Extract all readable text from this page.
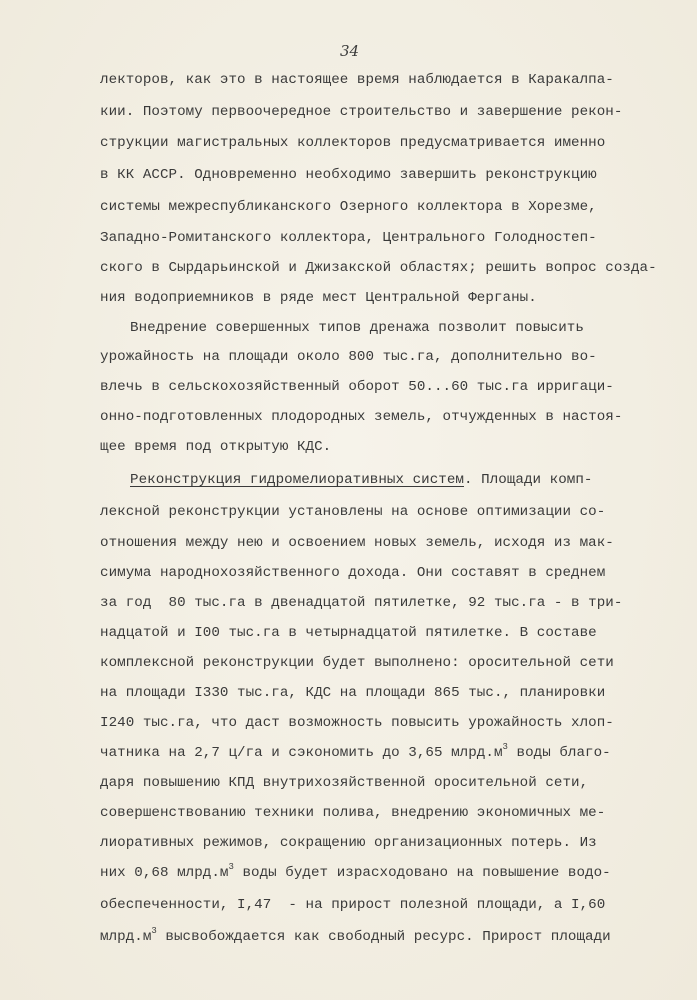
34
лекторов, как это в настоящее время наблюдается в Каракалпа-
кии. Поэтому первоочередное строительство и завершение рекон-
струкции магистральных коллекторов предусматривается именно
в КК АССР. Одновременно необходимо завершить реконструкцию
системы межреспубликанского Озерного коллектора в Хорезме,
Западно-Ромитанского коллектора, Центрального Голодностеп-
ского в Сырдарьинской и Джизакской областях; решить вопрос созда-
ния водоприемников в ряде мест Центральной Ферганы.
Внедрение совершенных типов дренажа позволит повысить
урожайность на площади около 800 тыс.га, дополнительно во-
влечь в сельскохозяйственный оборот 50...60 тыс.га ирригаци-
онно-подготовленных плодородных земель, отчужденных в настоя-
щее время под открытую КДС.
Реконструкция гидромелиоративных систем. Площади комп-
лексной реконструкции установлены на основе оптимизации со-
отношения между нею и освоением новых земель, исходя из мак-
симума народнохозяйственного дохода. Они составят в среднем
за год  80 тыс.га в двенадцатой пятилетке, 92 тыс.га - в три-
надцатой и I00 тыс.га в четырнадцатой пятилетке. В составе
комплексной реконструкции будет выполнено: оросительной сети
на площади I330 тыс.га, КДС на площади 865 тыс., планировки
I240 тыс.га, что даст возможность повысить урожайность хлоп-
чатника на 2,7 ц/га и сэкономить до 3,65 $млрд.м^3$ воды благо-
даря повышению КПД внутрихозяйственной оросительной сети,
совершенствованию техники полива, внедрению экономичных ме-
лиоративных режимов, сокращению организационных потерь. Из
них 0,68 $млрд.м^3$ воды будет израсходовано на повышение водо-
обеспеченности, I,47  - на прирост полезной площади, а I,60
$млрд.м^3$ высвобождается как свободный ресурс. Прирост площади
